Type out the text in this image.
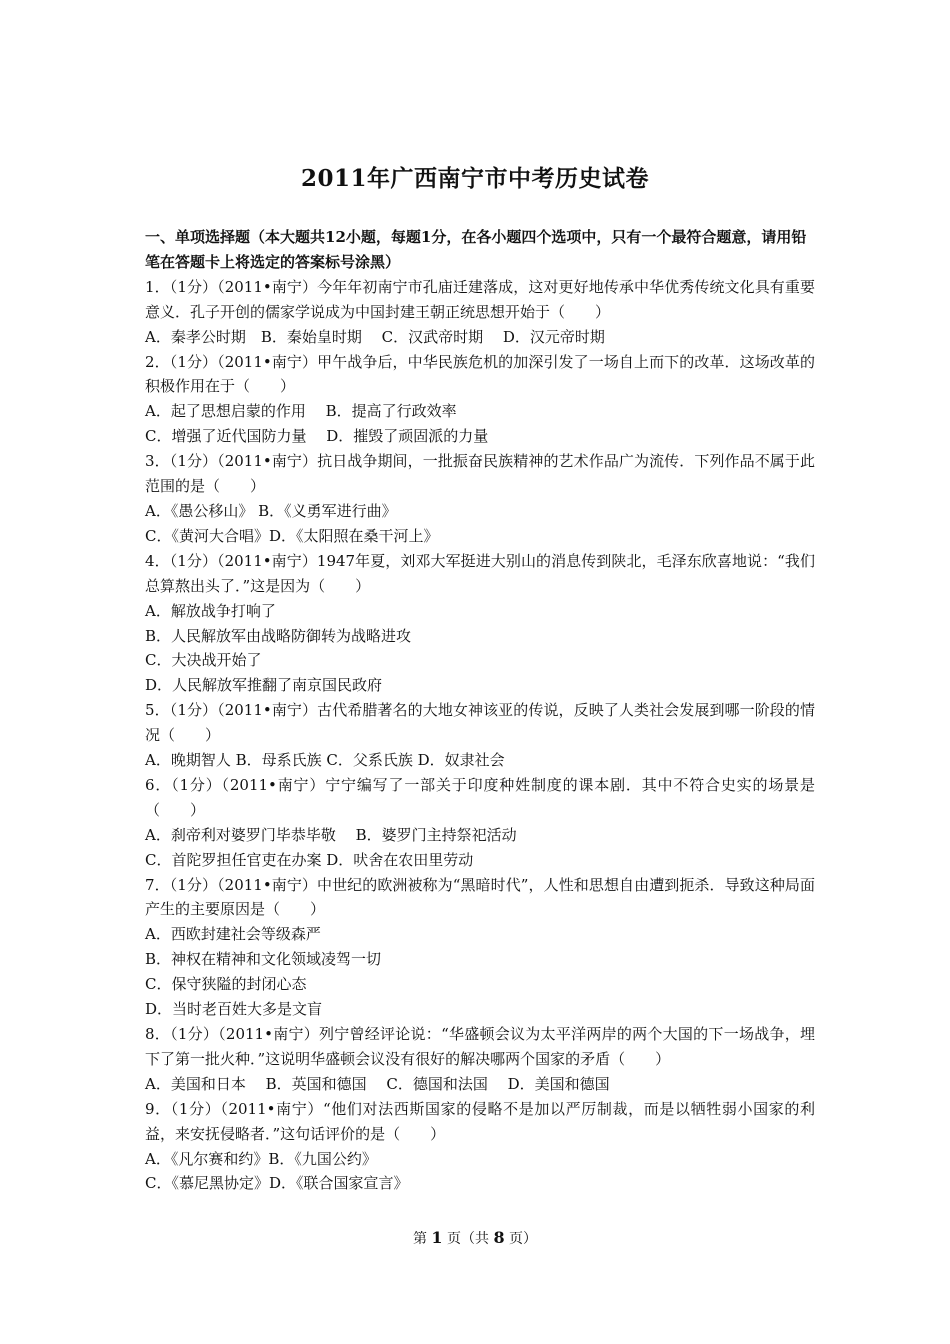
2011年广西南宁市中考历史试卷

一、单项选择题（本大题共12小题，每题1分，在各小题四个选项中，只有一个最符合题意，请用铅笔在答题卡上将选定的答案标号涂黑）

1．（1分）（2011•南宁）今年年初南宁市孔庙迁建落成，这对更好地传承中华优秀传统文化具有重要意义．孔子开创的儒家学说成为中国封建王朝正统思想开始于（　　）

A．秦孝公时期　B．秦始皇时期　 C．汉武帝时期　 D．汉元帝时期

2．（1分）（2011•南宁）甲午战争后，中华民族危机的加深引发了一场自上而下的改革．这场改革的积极作用在于（　　）

A．起了思想启蒙的作用　 B．提高了行政效率

C．增强了近代国防力量　 D．摧毁了顽固派的力量

3．（1分）（2011•南宁）抗日战争期间，一批振奋民族精神的艺术作品广为流传．下列作品不属于此范围的是（　　）

A．《愚公移山》 B．《义勇军进行曲》

C．《黄河大合唱》D．《太阳照在桑干河上》

4．（1分）（2011•南宁）1947年夏，刘邓大军挺进大别山的消息传到陕北，毛泽东欣喜地说：“我们总算熬出头了．”这是因为（　　）

A．解放战争打响了

B．人民解放军由战略防御转为战略进攻

C．大决战开始了

D．人民解放军推翻了南京国民政府

5．（1分）（2011•南宁）古代希腊著名的大地女神该亚的传说，反映了人类社会发展到哪一阶段的情况（　　）

A．晚期智人 B．母系氏族 C．父系氏族 D．奴隶社会

6．（1分）（2011•南宁）宁宁编写了一部关于印度种姓制度的课本剧．其中不符合史实的场景是（　　）

A．刹帝利对婆罗门毕恭毕敬　 B．婆罗门主持祭祀活动

C．首陀罗担任官吏在办案 D．吠舍在农田里劳动

7．（1分）（2011•南宁）中世纪的欧洲被称为“黑暗时代”，人性和思想自由遭到扼杀．导致这种局面产生的主要原因是（　　）

A．西欧封建社会等级森严

B．神权在精神和文化领域凌驾一切

C．保守狭隘的封闭心态

D．当时老百姓大多是文盲

8．（1分）（2011•南宁）列宁曾经评论说：“华盛顿会议为太平洋两岸的两个大国的下一场战争，埋下了第一批火种．”这说明华盛顿会议没有很好的解决哪两个国家的矛盾（　　）

A．美国和日本　 B．英国和德国　 C．德国和法国　 D．美国和德国

9．（1分）（2011•南宁）“他们对法西斯国家的侵略不是加以严厉制裁，而是以牺牲弱小国家的利益，来安抚侵略者．”这句话评价的是（　　）

A．《凡尔赛和约》B．《九国公约》

C．《慕尼黑协定》D．《联合国家宣言》

第 1 页（共 8 页）
